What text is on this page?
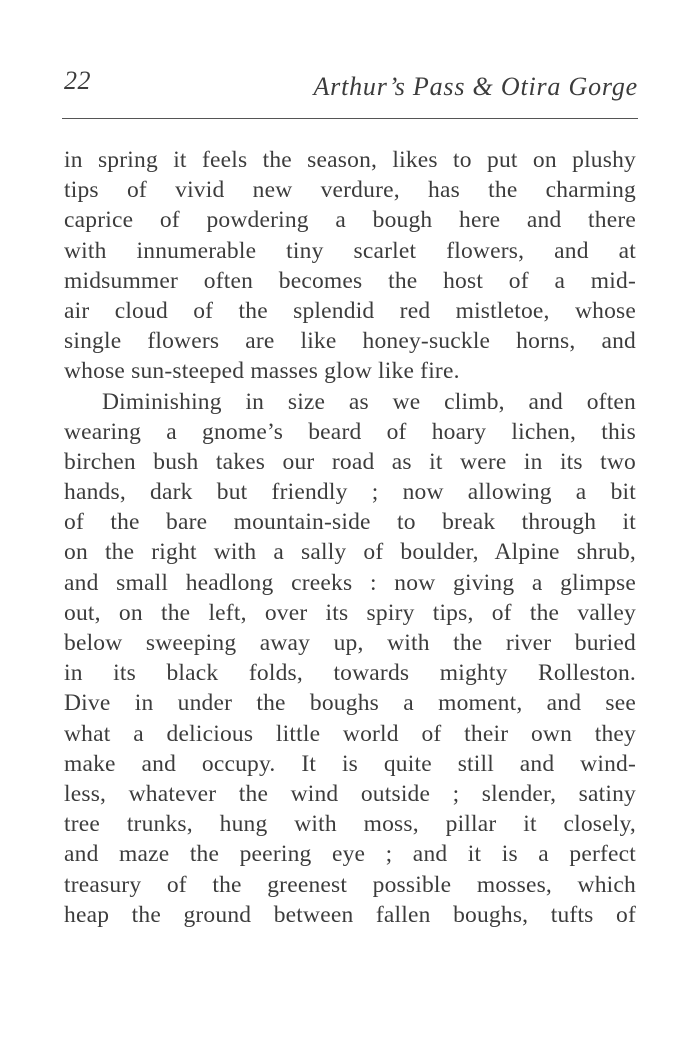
22	Arthur’s Pass & Otira Gorge
in spring it feels the season, likes to put on plushy
tips of vivid new verdure, has the charming
caprice of powdering a bough here and there
with innumerable tiny scarlet flowers, and at
midsummer often becomes the host of a mid-
air cloud of the splendid red mistletoe, whose
single flowers are like honey-suckle horns, and
whose sun-steeped masses glow like fire.
Diminishing in size as we climb, and often
wearing a gnome’s beard of hoary lichen, this
birchen bush takes our road as it were in its two
hands, dark but friendly ; now allowing a bit
of the bare mountain-side to break through it
on the right with a sally of boulder, Alpine shrub,
and small headlong creeks : now giving a glimpse
out, on the left, over its spiry tips, of the valley
below sweeping away up, with the river buried
in its black folds, towards mighty Rolleston.
Dive in under the boughs a moment, and see
what a delicious little world of their own they
make and occupy. It is quite still and wind-
less, whatever the wind outside ; slender, satiny
tree trunks, hung with moss, pillar it closely,
and maze the peering eye ; and it is a perfect
treasury of the greenest possible mosses, which
heap the ground between fallen boughs, tufts of
